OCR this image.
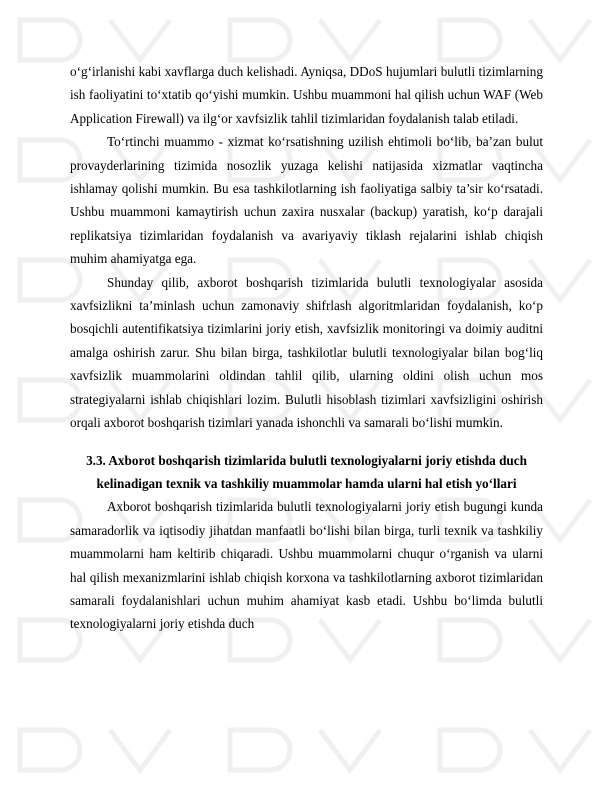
o‘g‘irlanishi kabi xavflarga duch kelishadi. Ayniqsa, DDoS hujumlari bulutli tizimlarning ish faoliyatini to‘xtatib qo‘yishi mumkin. Ushbu muammoni hal qilish uchun WAF (Web Application Firewall) va ilg‘or xavfsizlik tahlil tizimlaridan foydalanish talab etiladi.

To‘rtinchi muammo - xizmat ko‘rsatishning uzilish ehtimoli bo‘lib, ba’zan bulut provayderlarining tizimida nosozlik yuzaga kelishi natijasida xizmatlar vaqtincha ishlamay qolishi mumkin. Bu esa tashkilotlarning ish faoliyatiga salbiy ta’sir ko‘rsatadi. Ushbu muammoni kamaytirish uchun zaxira nusxalar (backup) yaratish, ko‘p darajali replikatsiya tizimlaridan foydalanish va avariyaviy tiklash rejalarini ishlab chiqish muhim ahamiyatga ega.

Shunday qilib, axborot boshqarish tizimlarida bulutli texnologiyalar asosida xavfsizlikni ta’minlash uchun zamonaviy shifrlash algoritmlaridan foydalanish, ko‘p bosqichli autentifikatsiya tizimlarini joriy etish, xavfsizlik monitoringi va doimiy auditni amalga oshirish zarur. Shu bilan birga, tashkilotlar bulutli texnologiyalar bilan bog‘liq xavfsizlik muammolarini oldindan tahlil qilib, ularning oldini olish uchun mos strategiyalarni ishlab chiqishlari lozim. Bulutli hisoblash tizimlari xavfsizligini oshirish orqali axborot boshqarish tizimlari yanada ishonchli va samarali bo‘lishi mumkin.

3.3. Axborot boshqarish tizimlarida bulutli texnologiyalarni joriy etishda duch kelinadigan texnik va tashkiliy muammolar hamda ularni hal etish yo‘llari

Axborot boshqarish tizimlarida bulutli texnologiyalarni joriy etish bugungi kunda samaradorlik va iqtisodiy jihatdan manfaatli bo‘lishi bilan birga, turli texnik va tashkiliy muammolarni ham keltirib chiqaradi. Ushbu muammolarni chuqur o‘rganish va ularni hal qilish mexanizmlarini ishlab chiqish korxona va tashkilotlarning axborot tizimlaridan samarali foydalanishlari uchun muhim ahamiyat kasb etadi. Ushbu bo‘limda bulutli texnologiyalarni joriy etishda duch
